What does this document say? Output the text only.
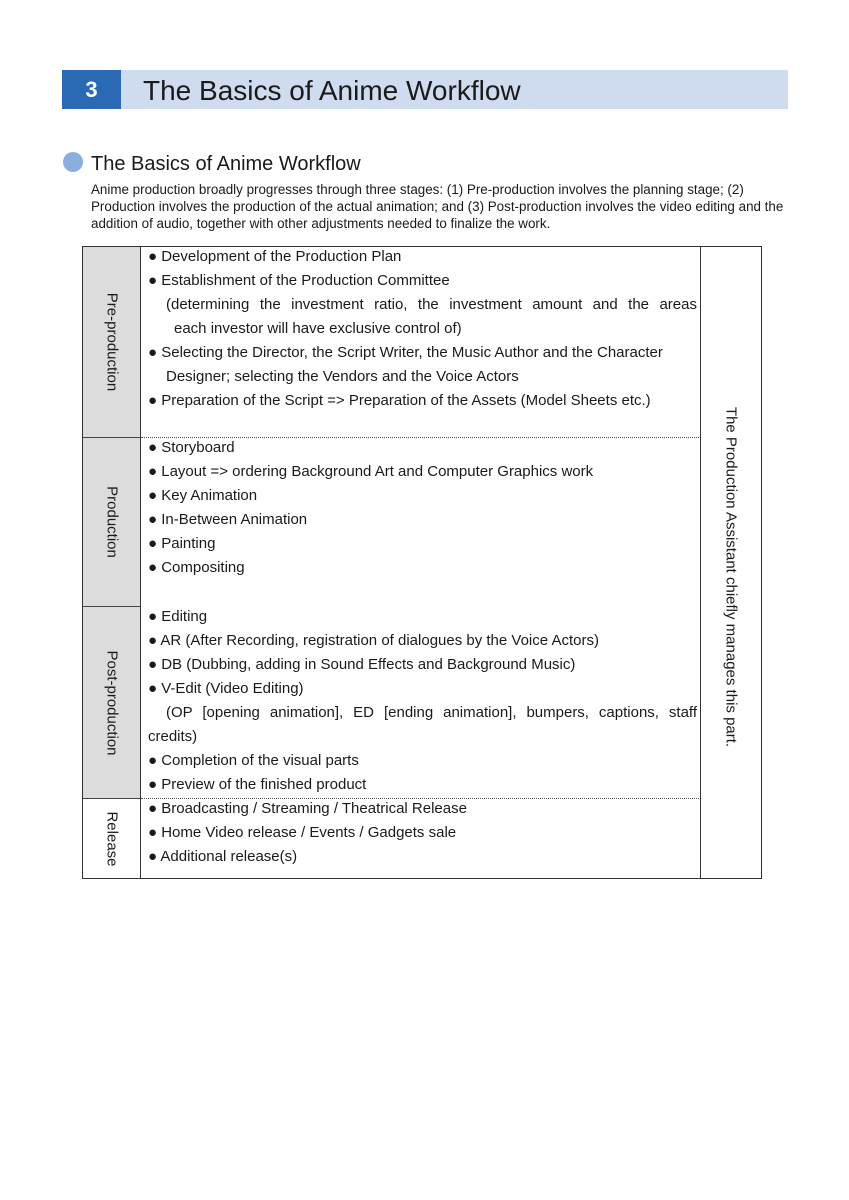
3	The Basics of Anime Workflow
The Basics of Anime Workflow

Anime production broadly progresses through three stages: (1) Pre-production involves the planning stage; (2) Production involves the production of the actual animation; and (3) Post-production involves the video editing and the addition of audio, together with other adjustments needed to finalize the work.

Pre-production
Production
Post-production
Release
● Development of the Production Plan
● Establishment of the Production Committee
(determining the investment ratio, the investment amount and the areas
each investor will have exclusive control of)
● Selecting the Director, the Script Writer, the Music Author and the Character
Designer; selecting the Vendors and the Voice Actors
● Preparation of the Script => Preparation of the Assets (Model Sheets etc.)
● Storyboard
● Layout => ordering Background Art and Computer Graphics work
● Key Animation
● In-Between Animation
● Painting
● Compositing
● Editing
● AR (After Recording, registration of dialogues by the Voice Actors)
● DB (Dubbing, adding in Sound Effects and Background Music)
● V-Edit (Video Editing)
(OP [opening animation], ED [ending animation], bumpers, captions, staff
credits)
● Completion of the visual parts
● Preview of the finished product
● Broadcasting / Streaming / Theatrical Release
● Home Video release / Events / Gadgets sale
● Additional release(s)
The Production Assistant chiefly manages this part.
